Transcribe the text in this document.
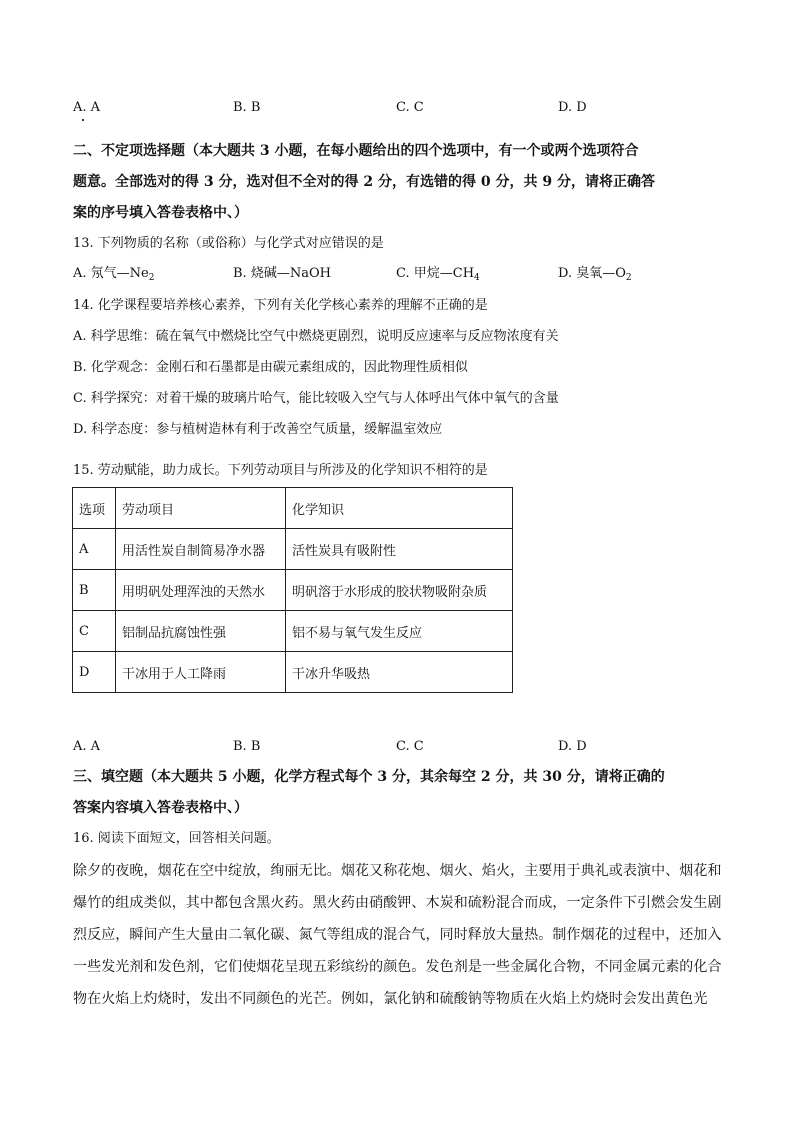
A. A	B. B	C. C	D. D
二、不定项选择题（本大题共 3 小题，在每小题给出的四个选项中，有一个或两个选项符合
题意。全部选对的得 3 分，选对但不全对的得 2 分，有选错的得 0 分，共 9 分，请将正确答
案的序号填入答卷表格中、）
13. 下列物质的名称（或俗称）与化学式对应错误的是
A. 氖气$—Ne_2$	B. 烧碱—NaOH	C. 甲烷$—CH_4$	D. 臭氧$—O_2$
14. 化学课程要培养核心素养，下列有关化学核心素养的理解不正确的是
A. 科学思维：硫在氧气中燃烧比空气中燃烧更剧烈，说明反应速率与反应物浓度有关
B. 化学观念：金刚石和石墨都是由碳元素组成的，因此物理性质相似
C. 科学探究：对着干燥的玻璃片哈气，能比较吸入空气与人体呼出气体中氧气的含量
D. 科学态度：参与植树造林有利于改善空气质量，缓解温室效应
15. 劳动赋能，助力成长。下列劳动项目与所涉及的化学知识不相符的是
选项	劳动项目	化学知识
A	用活性炭自制简易净水器	活性炭具有吸附性
B	用明矾处理浑浊的天然水	明矾溶于水形成的胶状物吸附杂质
C	铝制品抗腐蚀性强	铝不易与氧气发生反应
D	干冰用于人工降雨	干冰升华吸热
A. A	B. B	C. C	D. D
三、填空题（本大题共 5 小题，化学方程式每个 3 分，其余每空 2 分，共 30 分，请将正确的
答案内容填入答卷表格中、）
16. 阅读下面短文，回答相关问题。
除夕的夜晚，烟花在空中绽放，绚丽无比。烟花又称花炮、烟火、焰火，主要用于典礼或表演中、烟花和
爆竹的组成类似，其中都包含黑火药。黑火药由硝酸钾、木炭和硫粉混合而成，一定条件下引燃会发生剧
烈反应，瞬间产生大量由二氧化碳、氮气等组成的混合气，同时释放大量热。制作烟花的过程中，还加入
一些发光剂和发色剂，它们使烟花呈现五彩缤纷的颜色。发色剂是一些金属化合物，不同金属元素的化合
物在火焰上灼烧时，发出不同颜色的光芒。例如，氯化钠和硫酸钠等物质在火焰上灼烧时会发出黄色光
